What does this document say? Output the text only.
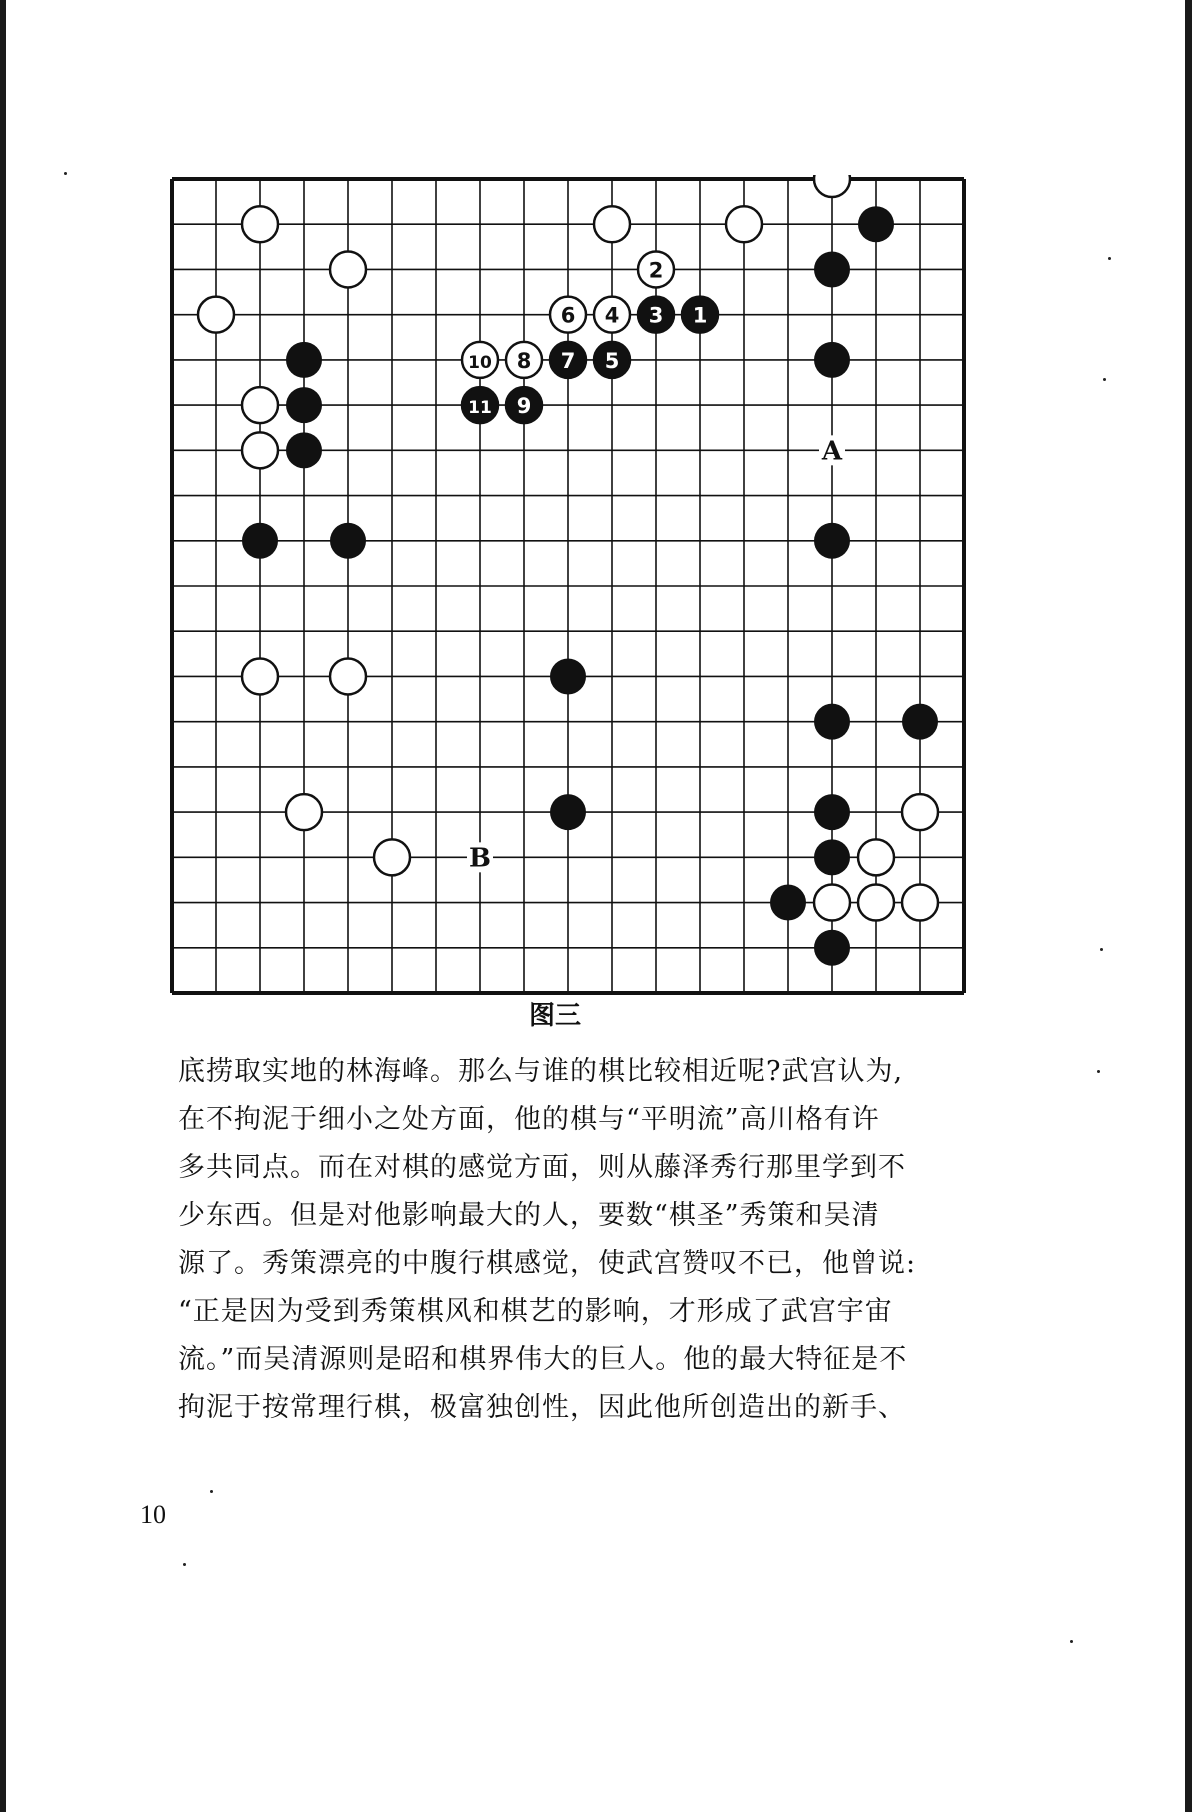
1
2
3
4
5
6
7
8
9
10
11
A
B
图三

底捞取实地的林海峰。那么与谁的棋比较相近呢?武宫认为,

在不拘泥于细小之处方面，他的棋与“平明流”高川格有许

多共同点。而在对棋的感觉方面，则从藤泽秀行那里学到不

少东西。但是对他影响最大的人，要数“棋圣”秀策和吴清

源了。秀策漂亮的中腹行棋感觉，使武宫赞叹不已，他曾说:

“正是因为受到秀策棋风和棋艺的影响，才形成了武宫宇宙

流。”而吴清源则是昭和棋界伟大的巨人。他的最大特征是不

拘泥于按常理行棋，极富独创性，因此他所创造出的新手、

10
